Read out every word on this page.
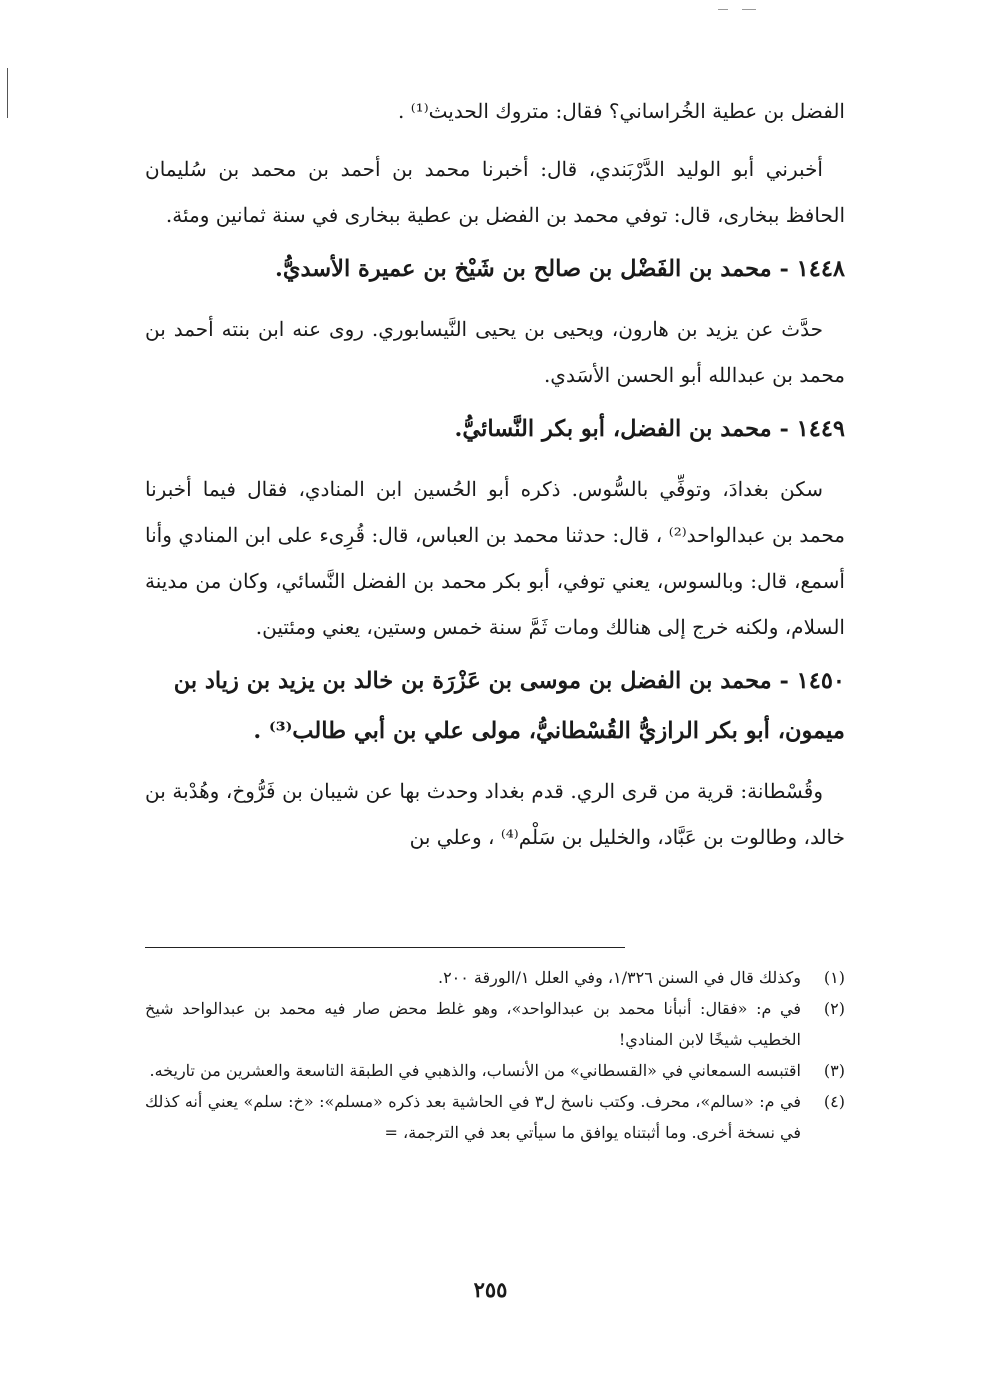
الفضل بن عطية الخُراساني؟ فقال: متروك الحديث⁽¹⁾ .

أخبرني أبو الوليد الدَّرْبَندي، قال: أخبرنا محمد بن أحمد بن محمد بن سُليمان الحافظ ببخارى، قال: توفي محمد بن الفضل بن عطية ببخارى في سنة ثمانين ومئة.

١٤٤٨ - محمد بن الفَضْل بن صالح بن شَيْخ بن عميرة الأسديُّ.

حدَّث عن يزيد بن هارون، ويحيى بن يحيى النَّيسابوري. روى عنه ابن بنته أحمد بن محمد بن عبدالله أبو الحسن الأسَدي.

١٤٤٩ - محمد بن الفضل، أبو بكر النَّسائيُّ.

سكن بغدادَ، وتوفِّي بالسُّوس. ذكره أبو الحُسين ابن المنادي، فقال فيما أخبرنا محمد بن عبدالواحد⁽²⁾ ، قال: حدثنا محمد بن العباس، قال: قُرِىء على ابن المنادي وأنا أسمع، قال: وبالسوس، يعني توفي، أبو بكر محمد بن الفضل النَّسائي، وكان من مدينة السلام، ولكنه خرج إلى هنالك ومات ثَمَّ سنة خمس وستين، يعني ومئتين.

١٤٥٠ - محمد بن الفضل بن موسى بن عَزْرَة بن خالد بن يزيد بن زياد بن ميمون، أبو بكر الرازيُّ القُسْطانيُّ، مولى علي بن أبي طالب⁽³⁾ .

وقُسْطانة: قرية من قرى الري. قدم بغداد وحدث بها عن شيبان بن فَرُّوخ، وهُدْبة بن خالد، وطالوت بن عَبَّاد، والخليل بن سَلْم⁽⁴⁾ ، وعلي بن

(١)
وكذلك قال في السنن ١/٣٢٦، وفي العلل ١/الورقة ٢٠٠.
(٢)
في م: «فقال: أنبأنا محمد بن عبدالواحد»، وهو غلط محض صار فيه محمد بن عبدالواحد شيخ الخطيب شيخًا لابن المنادي!
(٣)
اقتبسه السمعاني في «القسطاني» من الأنساب، والذهبي في الطبقة التاسعة والعشرين من تاريخه.
(٤)
في م: «سالم»، محرف. وكتب ناسخ ل٣ في الحاشية بعد ذكره «مسلم»: «خ: سلم» يعني أنه كذلك في نسخة أخرى. وما أثبتناه يوافق ما سيأتي بعد في الترجمة، =
٢٥٥
